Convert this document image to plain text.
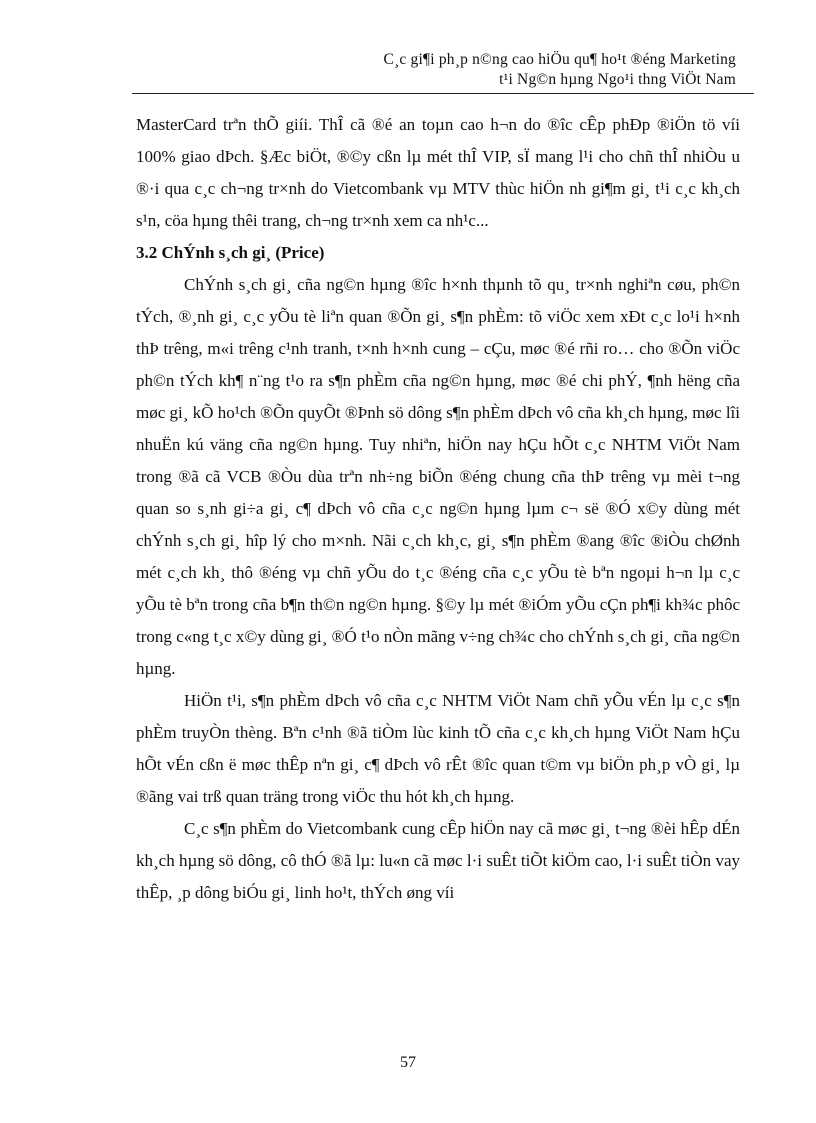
C¸c gi¶i ph¸p n©ng cao hiÖu qu¶ ho¹t ®éng Marketing
t¹i Ng©n hµng Ngo¹i thng ViÖt Nam

MasterCard trªn thÕ giíi. ThÎ cã ®é an toµn cao h¬n do ®îc cÊp phÐp ®iÖn tö víi 100% giao dÞch. §Æc biÖt, ®©y cßn lµ mét thÎ VIP, sÏ mang l¹i cho chñ thÎ nhiÒu u ®·i qua c¸c ch¬ng tr×nh do Vietcombank vµ MTV thùc hiÖn nh gi¶m gi¸ t¹i c¸c kh¸ch s¹n, cöa hµng thêi trang, ch¬ng tr×nh xem ca nh¹c...

3.2 ChÝnh s¸ch gi¸ (Price)

ChÝnh s¸ch gi¸ cña ng©n hµng ®îc h×nh thµnh tõ qu¸ tr×nh nghiªn cøu, ph©n tÝch, ®¸nh gi¸ c¸c yÕu tè liªn quan ®Õn gi¸ s¶n phÈm: tõ viÖc xem xÐt c¸c lo¹i h×nh thÞ trêng, m«i trêng c¹nh tranh, t×nh h×nh cung – cÇu, møc ®é rñi ro… cho ®Õn viÖc ph©n tÝch kh¶ n¨ng t¹o ra s¶n phÈm cña ng©n hµng, møc ®é chi phÝ, ¶nh hëng cña møc gi¸ kÕ ho¹ch ®Õn quyÕt ®Þnh sö dông s¶n phÈm dÞch vô cña kh¸ch hµng, møc lîi nhuËn kú väng cña ng©n hµng. Tuy nhiªn, hiÖn nay hÇu hÕt c¸c NHTM ViÖt Nam trong ®ã cã VCB ®Òu dùa trªn nh÷ng biÕn ®éng chung cña thÞ trêng vµ mèi t¬ng quan so s¸nh gi÷a gi¸ c¶ dÞch vô cña c¸c ng©n hµng lµm c¬ së ®Ó x©y dùng mét chÝnh s¸ch gi¸ hîp lý cho m×nh. Nãi c¸ch kh¸c, gi¸ s¶n phÈm ®ang ®îc ®iÒu chØnh mét c¸ch kh¸ thô ®éng vµ chñ yÕu do t¸c ®éng cña c¸c yÕu tè bªn ngoµi h¬n lµ c¸c yÕu tè bªn trong cña b¶n th©n ng©n hµng. §©y lµ mét ®iÓm yÕu cÇn ph¶i kh¾c phôc trong c«ng t¸c x©y dùng gi¸ ®Ó t¹o nÒn mãng v÷ng ch¾c cho chÝnh s¸ch gi¸ cña ng©n hµng.

HiÖn t¹i, s¶n phÈm dÞch vô cña c¸c NHTM ViÖt Nam chñ yÕu vÉn lµ c¸c s¶n phÈm truyÒn thèng. Bªn c¹nh ®ã tiÒm lùc kinh tÕ cña c¸c kh¸ch hµng ViÖt Nam hÇu hÕt vÉn cßn ë møc thÊp nªn gi¸ c¶ dÞch vô rÊt ®îc quan t©m vµ biÖn ph¸p vÒ gi¸ lµ ®ãng vai trß quan träng trong viÖc thu hót kh¸ch hµng.

C¸c s¶n phÈm do Vietcombank cung cÊp hiÖn nay cã møc gi¸ t¬ng ®èi hÊp dÉn kh¸ch hµng sö dông, cô thÓ ®ã lµ: lu«n cã møc l·i suÊt tiÕt kiÖm cao, l·i suÊt tiÒn vay thÊp, ¸p dông biÓu gi¸ linh ho¹t, thÝch øng víi

57
